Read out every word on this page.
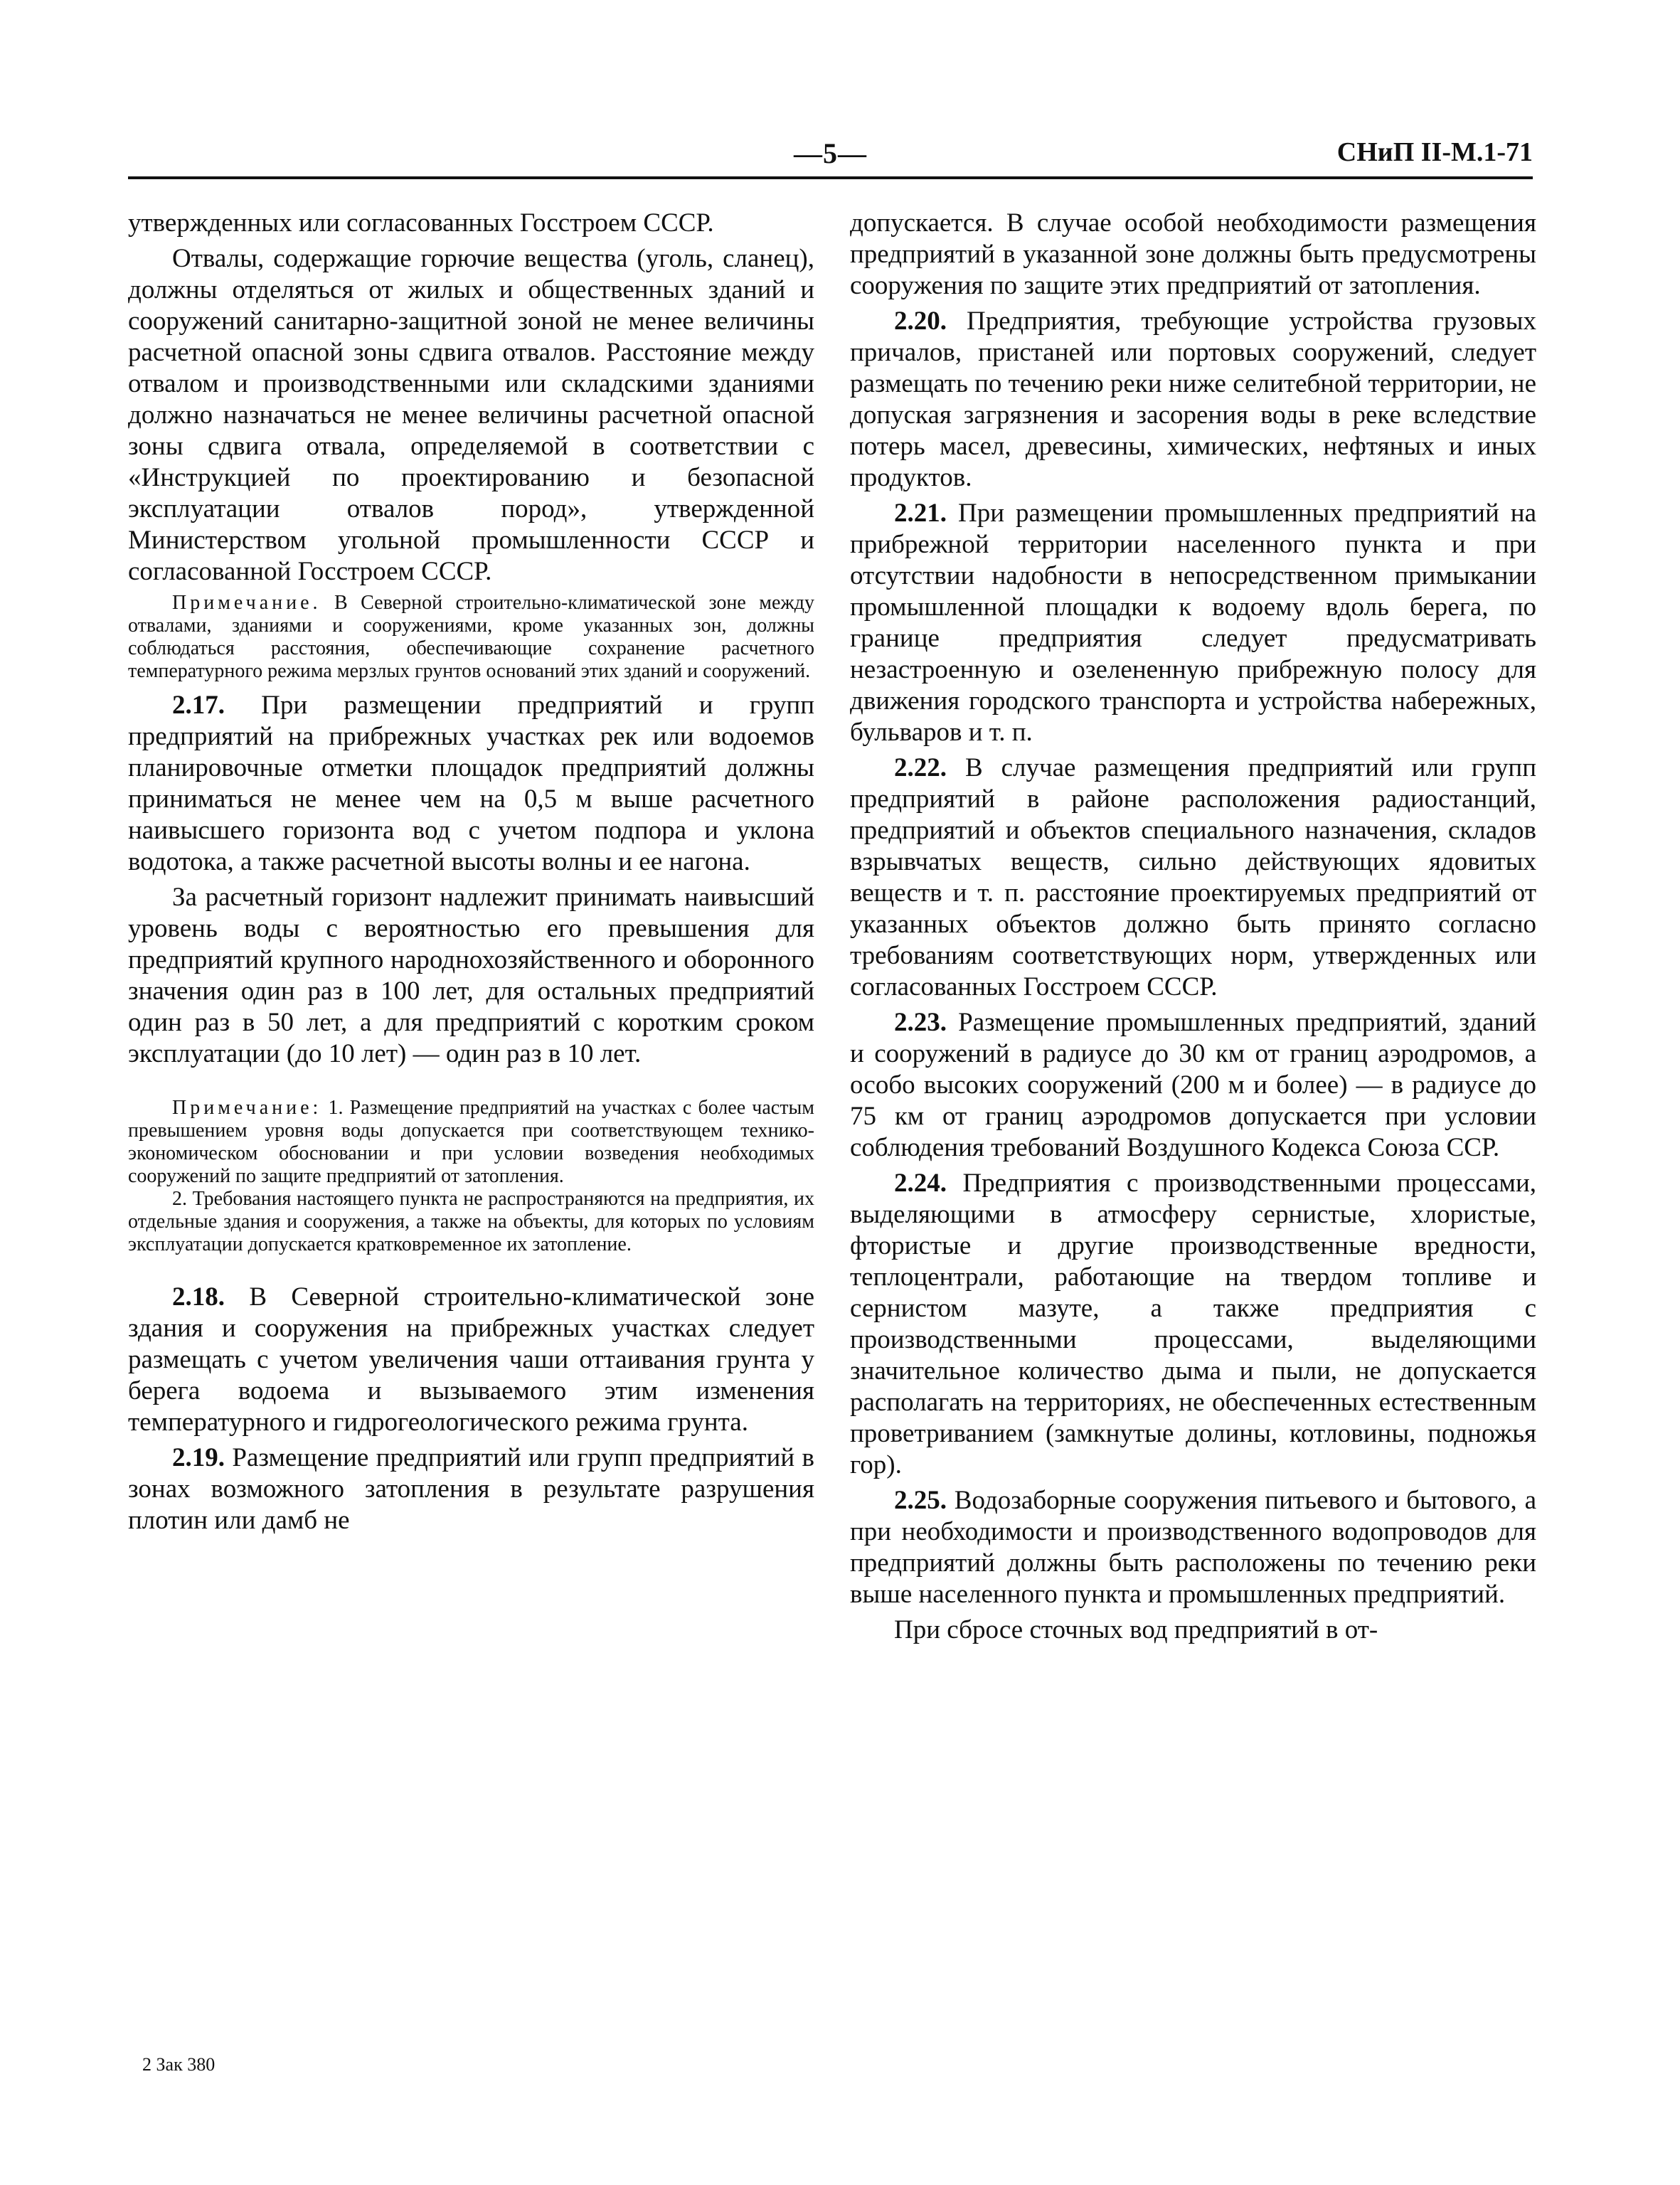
—5—	СНиП II-М.1-71

утвержденных или согласованных Госстроем СССР.

Отвалы, содержащие горючие вещества (уголь, сланец), должны отделяться от жилых и общественных зданий и сооружений санитарно-защитной зоной не менее величины расчетной опасной зоны сдвига отвалов. Расстояние между отвалом и производственными или складскими зданиями должно назначаться не менее величины расчетной опасной зоны сдвига отвала, определяемой в соответствии с «Инструкцией по проектированию и безопасной эксплуатации отвалов пород», утвержденной Министерством угольной промышленности СССР и согласованной Госстроем СССР.

Примечание. В Северной строительно-климатической зоне между отвалами, зданиями и сооружениями, кроме указанных зон, должны соблюдаться расстояния, обеспечивающие сохранение расчетного температурного режима мерзлых грунтов оснований этих зданий и сооружений.

2.17. При размещении предприятий и групп предприятий на прибрежных участках рек или водоемов планировочные отметки площадок предприятий должны приниматься не менее чем на 0,5 м выше расчетного наивысшего горизонта вод с учетом подпора и уклона водотока, а также расчетной высоты волны и ее нагона.

За расчетный горизонт надлежит принимать наивысший уровень воды с вероятностью его превышения для предприятий крупного народнохозяйственного и оборонного значения один раз в 100 лет, для остальных предприятий один раз в 50 лет, а для предприятий с коротким сроком эксплуатации (до 10 лет) — один раз в 10 лет.

Примечание: 1. Размещение предприятий на участках с более частым превышением уровня воды допускается при соответствующем технико-экономическом обосновании и при условии возведения необходимых сооружений по защите предприятий от затопления.

2. Требования настоящего пункта не распространяются на предприятия, их отдельные здания и сооружения, а также на объекты, для которых по условиям эксплуатации допускается кратковременное их затопление.

2.18. В Северной строительно-климатической зоне здания и сооружения на прибрежных участках следует размещать с учетом увеличения чаши оттаивания грунта у берега водоема и вызываемого этим изменения температурного и гидрогеологического режима грунта.

2.19. Размещение предприятий или групп предприятий в зонах возможного затопления в результате разрушения плотин или дамб не

допускается. В случае особой необходимости размещения предприятий в указанной зоне должны быть предусмотрены сооружения по защите этих предприятий от затопления.

2.20. Предприятия, требующие устройства грузовых причалов, пристаней или портовых сооружений, следует размещать по течению реки ниже селитебной территории, не допуская загрязнения и засорения воды в реке вследствие потерь масел, древесины, химических, нефтяных и иных продуктов.

2.21. При размещении промышленных предприятий на прибрежной территории населенного пункта и при отсутствии надобности в непосредственном примыкании промышленной площадки к водоему вдоль берега, по границе предприятия следует предусматривать незастроенную и озелененную прибрежную полосу для движения городского транспорта и устройства набережных, бульваров и т. п.

2.22. В случае размещения предприятий или групп предприятий в районе расположения радиостанций, предприятий и объектов специального назначения, складов взрывчатых веществ, сильно действующих ядовитых веществ и т. п. расстояние проектируемых предприятий от указанных объектов должно быть принято согласно требованиям соответствующих норм, утвержденных или согласованных Госстроем СССР.

2.23. Размещение промышленных предприятий, зданий и сооружений в радиусе до 30 км от границ аэродромов, а особо высоких сооружений (200 м и более) — в радиусе до 75 км от границ аэродромов допускается при условии соблюдения требований Воздушного Кодекса Союза ССР.

2.24. Предприятия с производственными процессами, выделяющими в атмосферу сернистые, хлористые, фтористые и другие производственные вредности, теплоцентрали, работающие на твердом топливе и сернистом мазуте, а также предприятия с производственными процессами, выделяющими значительное количество дыма и пыли, не допускается располагать на территориях, не обеспеченных естественным проветриванием (замкнутые долины, котловины, подножья гор).

2.25. Водозаборные сооружения питьевого и бытового, а при необходимости и производственного водопроводов для предприятий должны быть расположены по течению реки выше населенного пункта и промышленных предприятий.

При сбросе сточных вод предприятий в от-

2 Зак 380
